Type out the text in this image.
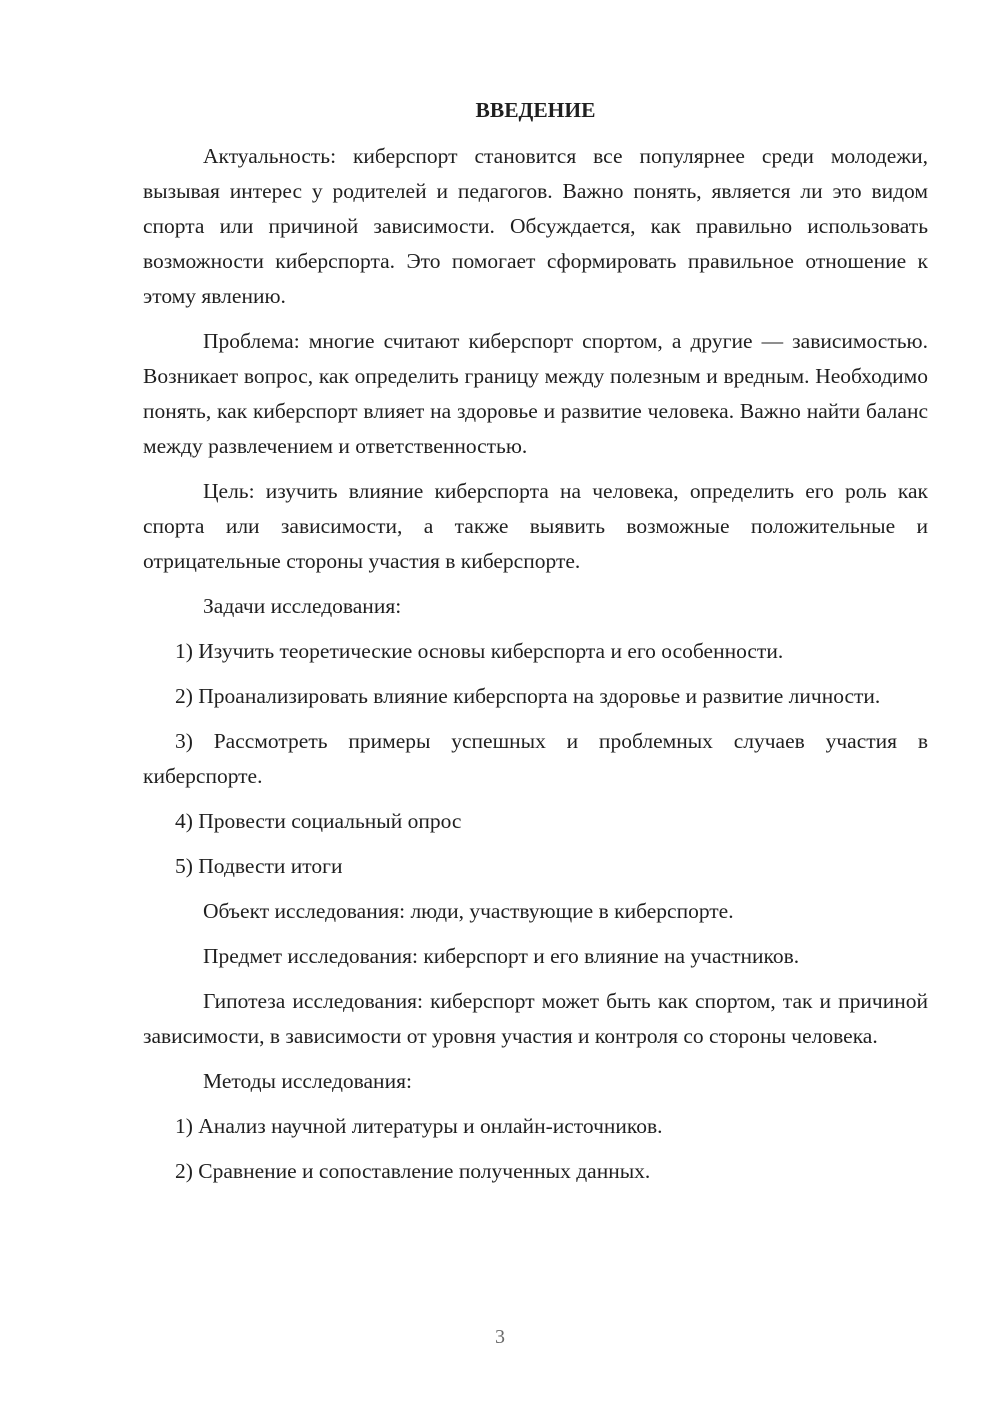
ВВЕДЕНИЕ
Актуальность: киберспорт становится все популярнее среди молодежи, вызывая интерес у родителей и педагогов. Важно понять, является ли это видом спорта или причиной зависимости. Обсуждается, как правильно использовать возможности киберспорта. Это помогает сформировать правильное отношение к этому явлению.
Проблема: многие считают киберспорт спортом, а другие — зависимостью. Возникает вопрос, как определить границу между полезным и вредным. Необходимо понять, как киберспорт влияет на здоровье и развитие человека. Важно найти баланс между развлечением и ответственностью.
Цель: изучить влияние киберспорта на человека, определить его роль как спорта или зависимости, а также выявить возможные положительные и отрицательные стороны участия в киберспорте.
Задачи исследования:
1) Изучить теоретические основы киберспорта и его особенности.
2) Проанализировать влияние киберспорта на здоровье и развитие личности.
3) Рассмотреть примеры успешных и проблемных случаев участия в киберспорте.
4) Провести социальный опрос
5) Подвести итоги
Объект исследования: люди, участвующие в киберспорте.
Предмет исследования: киберспорт и его влияние на участников.
Гипотеза исследования: киберспорт может быть как спортом, так и причиной зависимости, в зависимости от уровня участия и контроля со стороны человека.
Методы исследования:
1) Анализ научной литературы и онлайн-источников.
2) Сравнение и сопоставление полученных данных.
3
